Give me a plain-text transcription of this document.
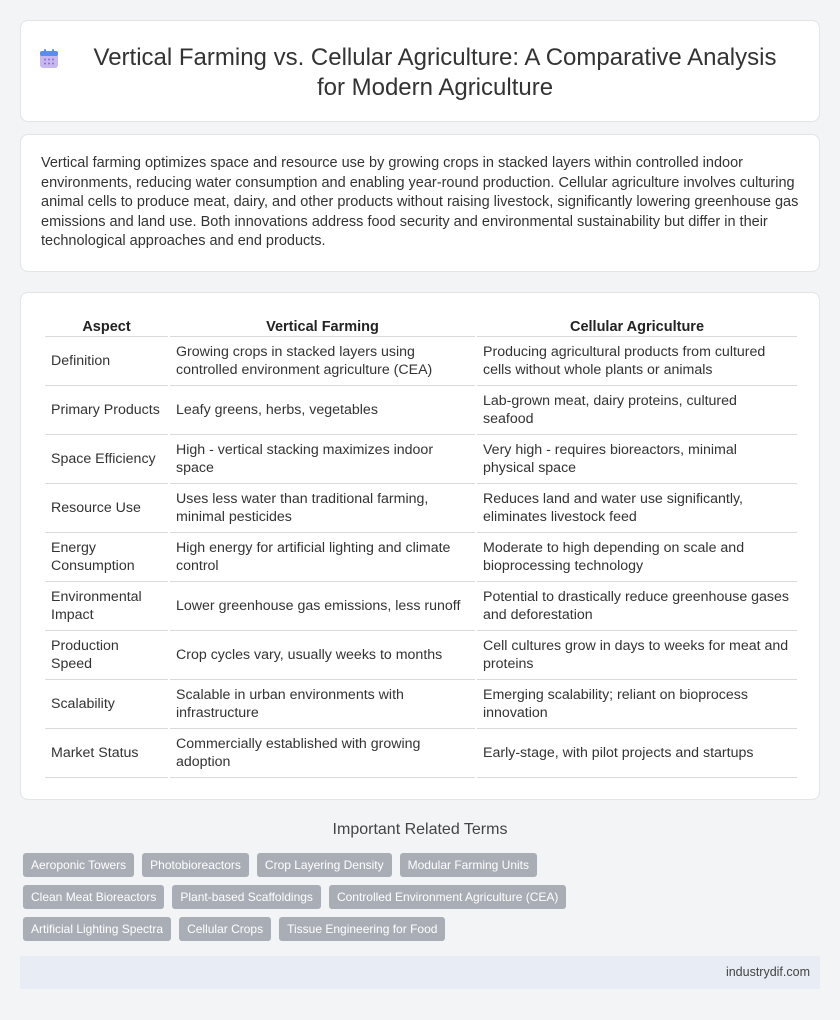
Vertical Farming vs. Cellular Agriculture: A Comparative Analysis for Modern Agriculture

Vertical farming optimizes space and resource use by growing crops in stacked layers within controlled indoor environments, reducing water consumption and enabling year-round production. Cellular agriculture involves culturing animal cells to produce meat, dairy, and other products without raising livestock, significantly lowering greenhouse gas emissions and land use. Both innovations address food security and environmental sustainability but differ in their technological approaches and end products.

Aspect	Vertical Farming	Cellular Agriculture
Definition	Growing crops in stacked layers using controlled environment agriculture (CEA)	Producing agricultural products from cultured cells without whole plants or animals
Primary Products	Leafy greens, herbs, vegetables	Lab-grown meat, dairy proteins, cultured seafood
Space Efficiency	High - vertical stacking maximizes indoor space	Very high - requires bioreactors, minimal physical space
Resource Use	Uses less water than traditional farming, minimal pesticides	Reduces land and water use significantly, eliminates livestock feed
Energy Consumption	High energy for artificial lighting and climate control	Moderate to high depending on scale and bioprocessing technology
Environmental Impact	Lower greenhouse gas emissions, less runoff	Potential to drastically reduce greenhouse gases and deforestation
Production Speed	Crop cycles vary, usually weeks to months	Cell cultures grow in days to weeks for meat and proteins
Scalability	Scalable in urban environments with infrastructure	Emerging scalability; reliant on bioprocess innovation
Market Status	Commercially established with growing adoption	Early-stage, with pilot projects and startups
Important Related Terms
Aeroponic Towers	Photobioreactors	Crop Layering Density	Modular Farming Units
Clean Meat Bioreactors	Plant-based Scaffoldings	Controlled Environment Agriculture (CEA)
Artificial Lighting Spectra	Cellular Crops	Tissue Engineering for Food
industrydif.com
